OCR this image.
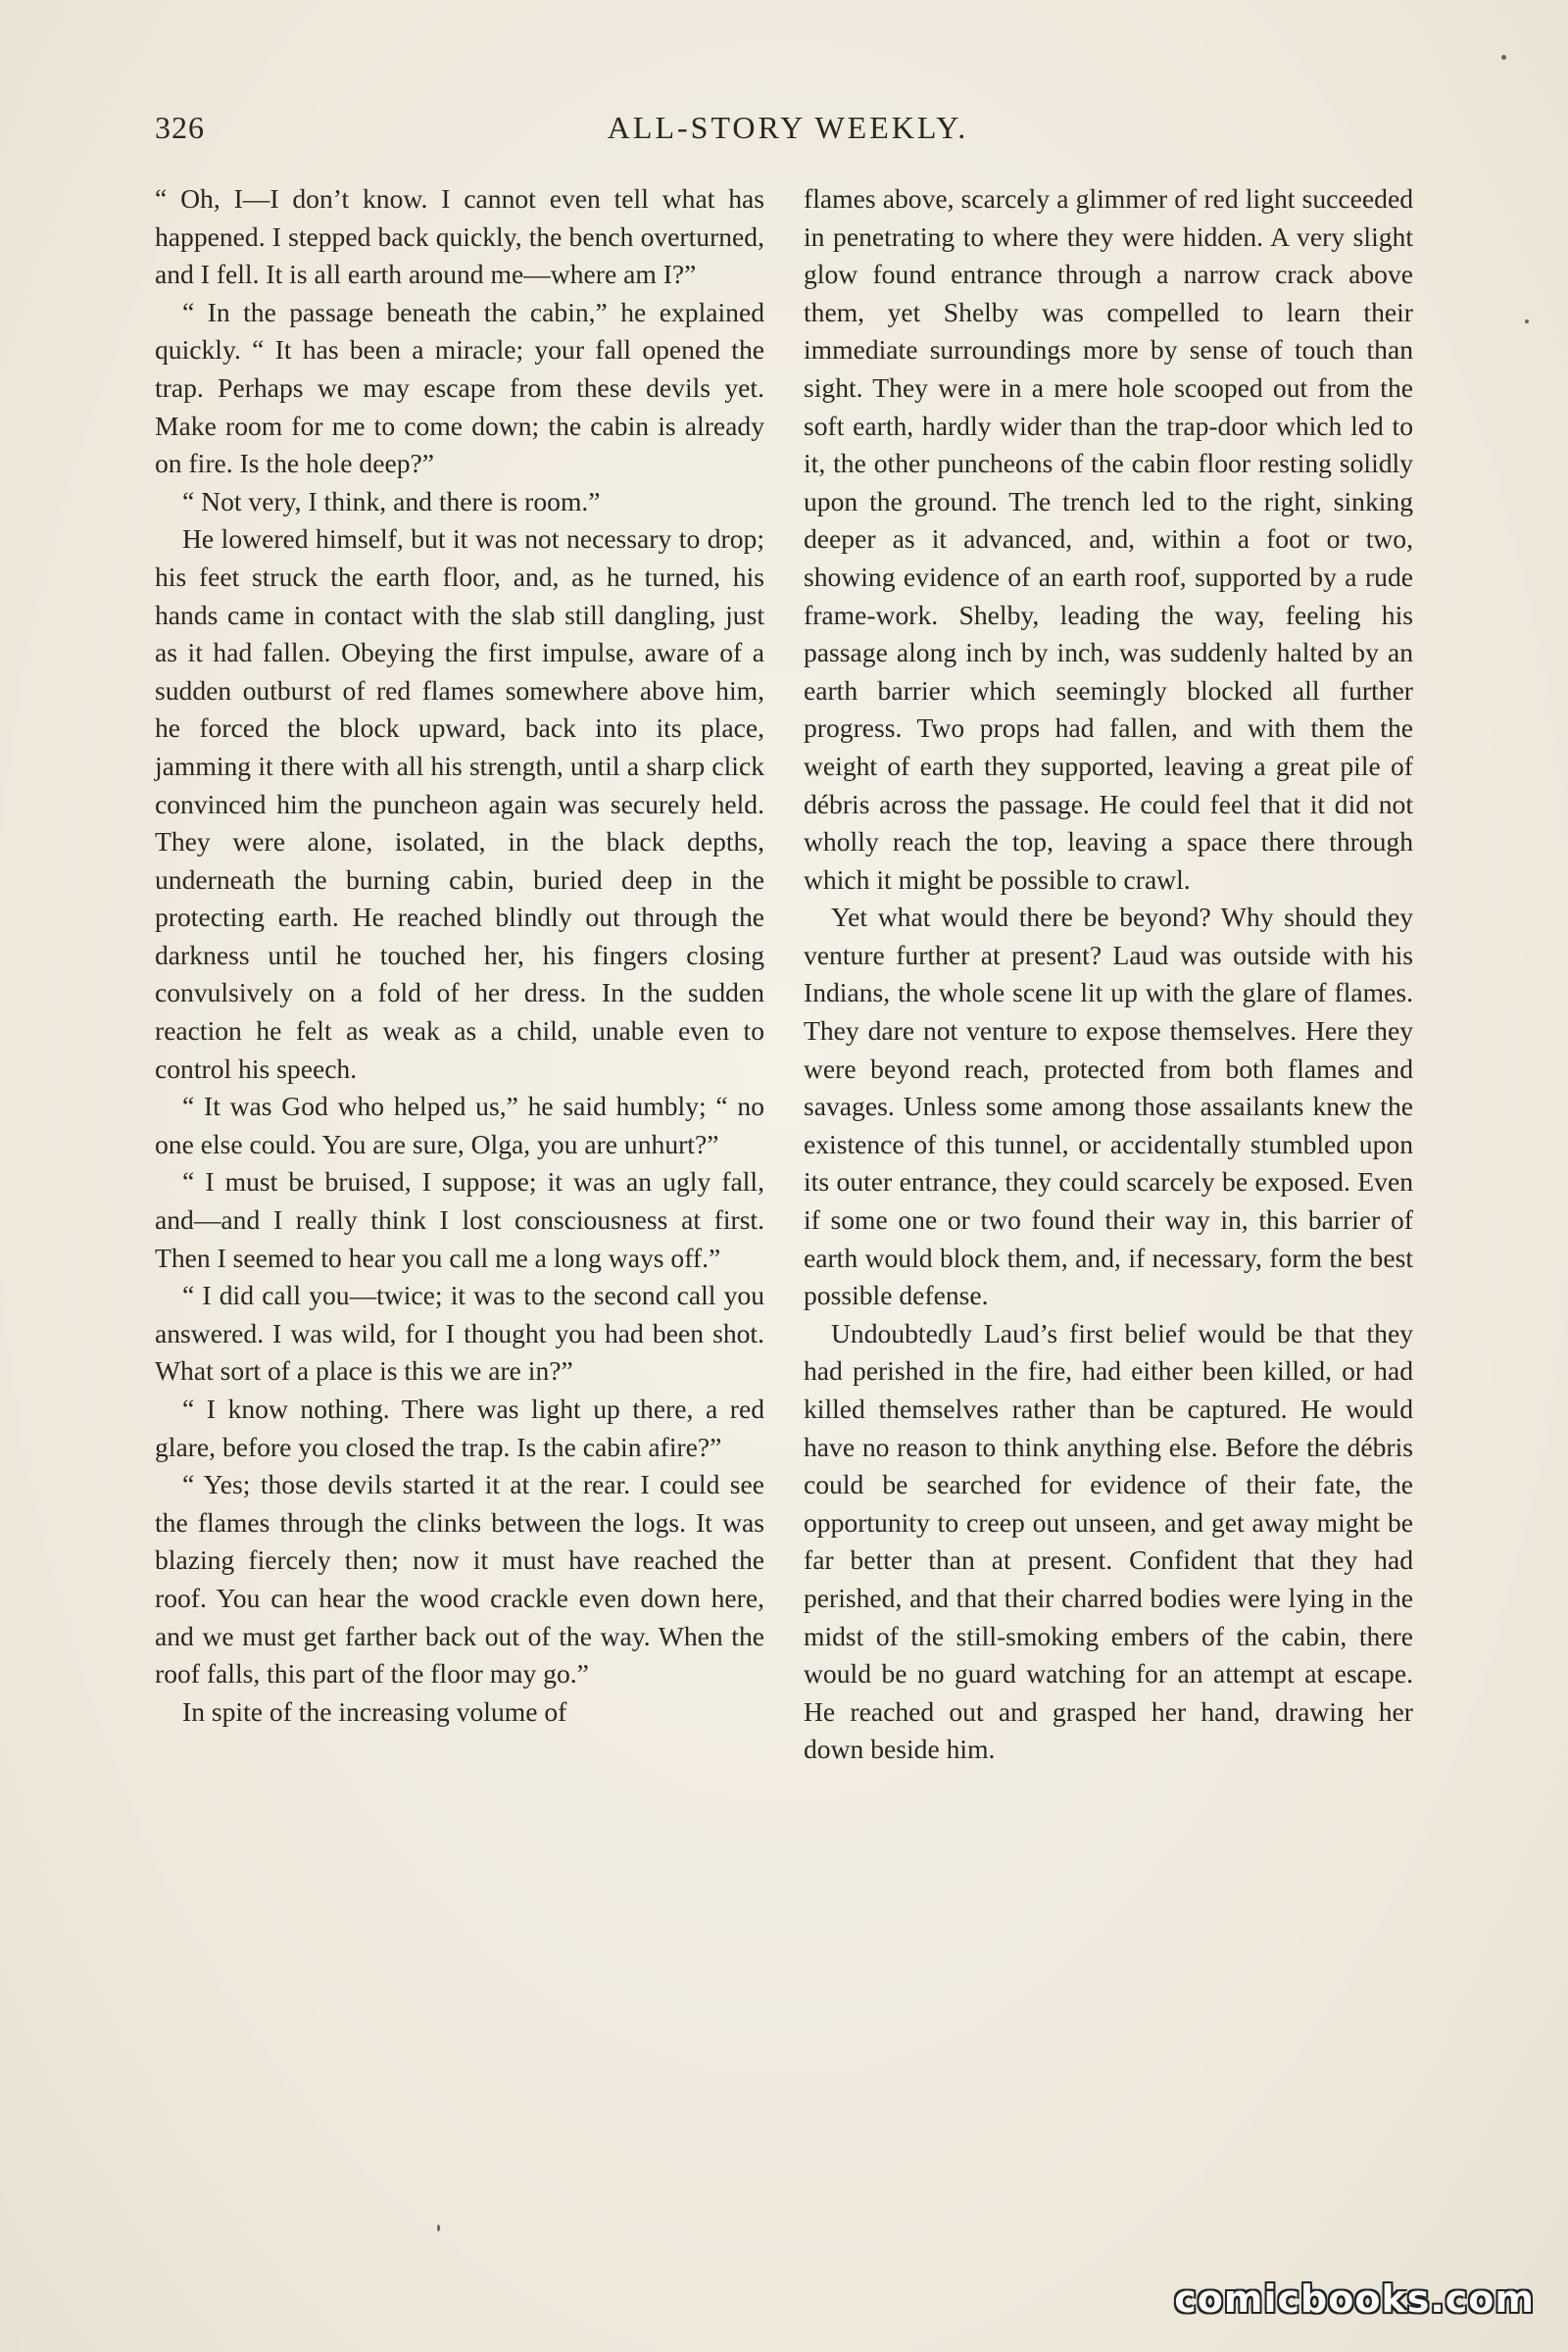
326	ALL-STORY WEEKLY.

“ Oh, I—I don’t know. I cannot even tell what has happened. I stepped back quickly, the bench overturned, and I fell. It is all earth around me—where am I?”

“ In the passage beneath the cabin,” he explained quickly. “ It has been a miracle; your fall opened the trap. Perhaps we may escape from these devils yet. Make room for me to come down; the cabin is already on fire. Is the hole deep?”

“ Not very, I think, and there is room.”

He lowered himself, but it was not necessary to drop; his feet struck the earth floor, and, as he turned, his hands came in contact with the slab still dangling, just as it had fallen. Obeying the first impulse, aware of a sudden outburst of red flames somewhere above him, he forced the block upward, back into its place, jamming it there with all his strength, until a sharp click convinced him the puncheon again was securely held. They were alone, isolated, in the black depths, underneath the burning cabin, buried deep in the protecting earth. He reached blindly out through the darkness until he touched her, his fingers closing convulsively on a fold of her dress. In the sudden reaction he felt as weak as a child, unable even to control his speech.

“ It was God who helped us,” he said humbly; “ no one else could. You are sure, Olga, you are unhurt?”

“ I must be bruised, I suppose; it was an ugly fall, and—and I really think I lost consciousness at first. Then I seemed to hear you call me a long ways off.”

“ I did call you—twice; it was to the second call you answered. I was wild, for I thought you had been shot. What sort of a place is this we are in?”

“ I know nothing. There was light up there, a red glare, before you closed the trap. Is the cabin afire?”

“ Yes; those devils started it at the rear. I could see the flames through the clinks between the logs. It was blazing fiercely then; now it must have reached the roof. You can hear the wood crackle even down here, and we must get farther back out of the way. When the roof falls, this part of the floor may go.”

In spite of the increasing volume of

flames above, scarcely a glimmer of red light succeeded in penetrating to where they were hidden. A very slight glow found entrance through a narrow crack above them, yet Shelby was compelled to learn their immediate surroundings more by sense of touch than sight. They were in a mere hole scooped out from the soft earth, hardly wider than the trap-door which led to it, the other puncheons of the cabin floor resting solidly upon the ground. The trench led to the right, sinking deeper as it advanced, and, within a foot or two, showing evidence of an earth roof, supported by a rude frame-work. Shelby, leading the way, feeling his passage along inch by inch, was suddenly halted by an earth barrier which seemingly blocked all further progress. Two props had fallen, and with them the weight of earth they supported, leaving a great pile of débris across the passage. He could feel that it did not wholly reach the top, leaving a space there through which it might be possible to crawl.

Yet what would there be beyond? Why should they venture further at present? Laud was outside with his Indians, the whole scene lit up with the glare of flames. They dare not venture to expose themselves. Here they were beyond reach, protected from both flames and savages. Unless some among those assailants knew the existence of this tunnel, or accidentally stumbled upon its outer entrance, they could scarcely be exposed. Even if some one or two found their way in, this barrier of earth would block them, and, if necessary, form the best possible defense.

Undoubtedly Laud’s first belief would be that they had perished in the fire, had either been killed, or had killed themselves rather than be captured. He would have no reason to think anything else. Before the débris could be searched for evidence of their fate, the opportunity to creep out unseen, and get away might be far better than at present. Confident that they had perished, and that their charred bodies were lying in the midst of the still-smoking embers of the cabin, there would be no guard watching for an attempt at escape. He reached out and grasped her hand, drawing her down beside him.

comicbooks.com
